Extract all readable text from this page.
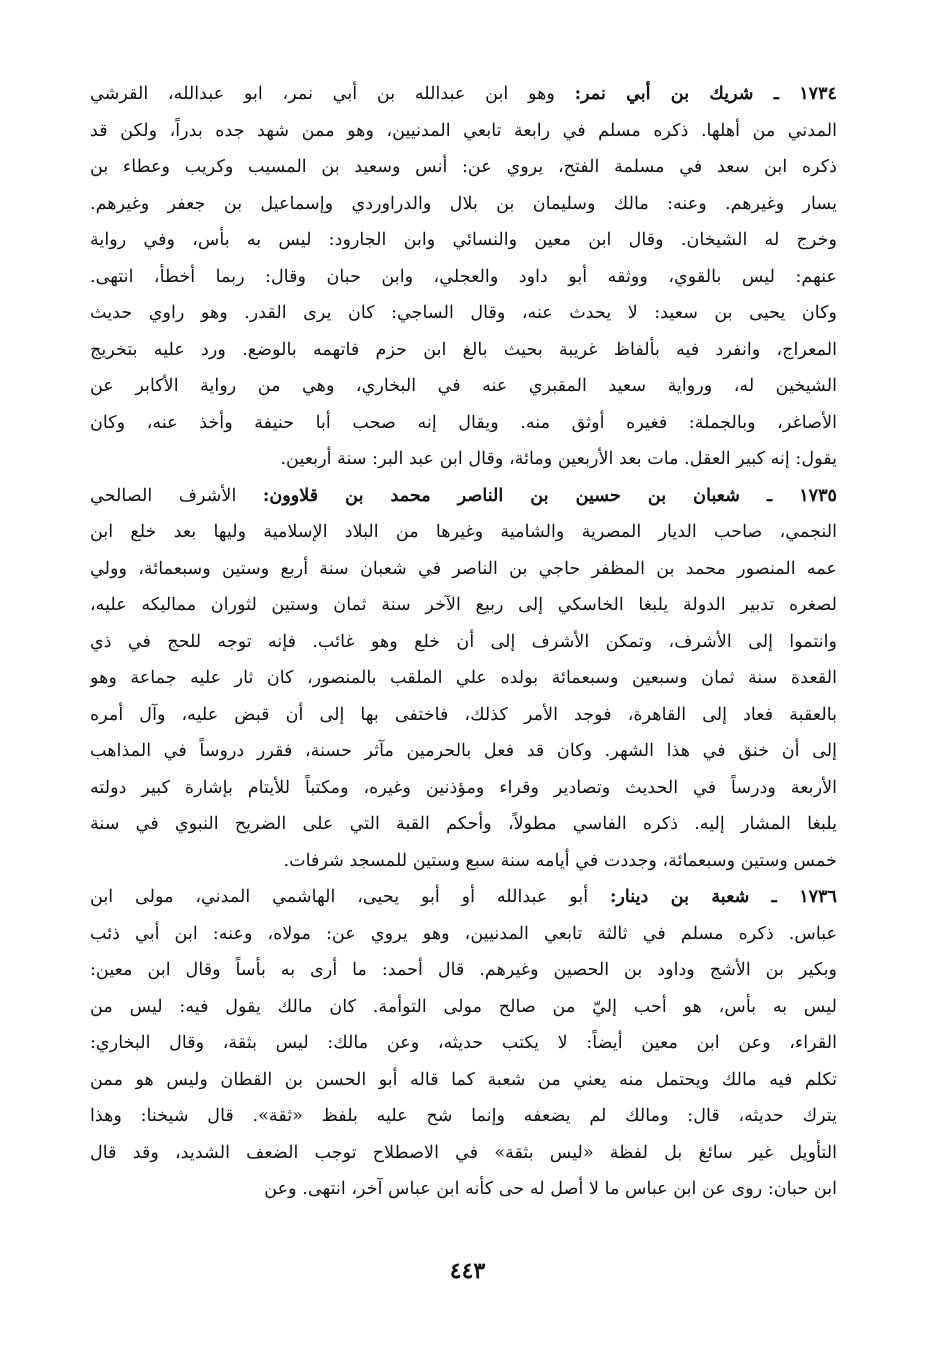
١٧٣٤ ـ شريك بن أبي نمر: وهو ابن عبدالله بن أبي نمر، ابو عبدالله، القرشي
المدني من أهلها. ذكره مسلم في رابعة تابعي المدنيين، وهو ممن شهد جده بدراً، ولكن قد
ذكره ابن سعد في مسلمة الفتح، يروي عن: أنس وسعيد بن المسيب وكريب وعطاء بن
يسار وغيرهم. وعنه: مالك وسليمان بن بلال والدراوردي وإسماعيل بن جعفر وغيرهم.
وخرج له الشيخان. وقال ابن معين والنسائي وابن الجارود: ليس به بأس، وفي رواية
عنهم: ليس بالقوي، ووثقه أبو داود والعجلي، وابن حبان وقال: ربما أخطأ، انتهى.
وكان يحيى بن سعيد: لا يحدث عنه، وقال الساجي: كان يرى القدر. وهو راوي حديث
المعراج، وانفرد فيه بألفاظ غريبة بحيث بالغ ابن حزم فاتهمه بالوضع. ورد عليه بتخريج
الشيخين له، ورواية سعيد المقبري عنه في البخاري، وهي من رواية الأكابر عن
الأصاغر، وبالجملة: فغيره أوثق منه. ويقال إنه صحب أبا حنيفة وأخذ عنه، وكان
يقول: إنه كبير العقل. مات بعد الأربعين ومائة، وقال ابن عبد البر: سنة أربعين.
١٧٣٥ ـ شعبان بن حسين بن الناصر محمد بن قلاوون: الأشرف الصالحي
النجمي، صاحب الديار المصرية والشامية وغيرها من البلاد الإسلامية وليها بعد خلع ابن
عمه المنصور محمد بن المظفر حاجي بن الناصر في شعبان سنة أربع وستين وسبعمائة، وولي
لصغره تدبير الدولة يلبغا الخاسكي إلى ربيع الآخر سنة ثمان وستين لثوران مماليكه عليه،
وانتموا إلى الأشرف، وتمكن الأشرف إلى أن خلع وهو غائب. فإنه توجه للحج في ذي
القعدة سنة ثمان وسبعين وسبعمائة بولده علي الملقب بالمنصور، كان ثار عليه جماعة وهو
بالعقبة فعاد إلى القاهرة، فوجد الأمر كذلك، فاختفى بها إلى أن قبض عليه، وآل أمره
إلى أن خنق في هذا الشهر. وكان قد فعل بالحرمين مآثر حسنة، فقرر دروساً في المذاهب
الأربعة ودرساً في الحديث وتصادير وقراء ومؤذنين وغيره، ومكتباً للأيتام بإشارة كبير دولته
يلبغا المشار إليه. ذكره الفاسي مطولاً، وأحكم القبة التي على الضريح النبوي في سنة
خمس وستين وسبعمائة، وجددت في أيامه سنة سبع وستين للمسجد شرفات.
١٧٣٦ ـ شعبة بن دينار: أبو عبدالله أو أبو يحيى، الهاشمي المدني، مولى ابن
عباس. ذكره مسلم في ثالثة تابعي المدنيين، وهو يروي عن: مولاه، وعنه: ابن أبي ذئب
وبكير بن الأشج وداود بن الحصين وغيرهم. قال أحمد: ما أرى به بأساً وقال ابن معين:
ليس به بأس، هو أحب إليّ من صالح مولى التوأمة. كان مالك يقول فيه: ليس من
القراء، وعن ابن معين أيضاً: لا يكتب حديثه، وعن مالك: ليس بثقة، وقال البخاري:
تكلم فيه مالك ويحتمل منه يعني من شعبة كما قاله أبو الحسن بن القطان وليس هو ممن
يترك حديثه، قال: ومالك لم يضعفه وإنما شح عليه بلفظ «ثقة». قال شيخنا: وهذا
التأويل غير سائغ بل لفظة «ليس بثقة» في الاصطلاح توجب الضعف الشديد، وقد قال
ابن حبان: روى عن ابن عباس ما لا أصل له حى كأنه ابن عباس آخر، انتهى. وعن
٤٤٣
